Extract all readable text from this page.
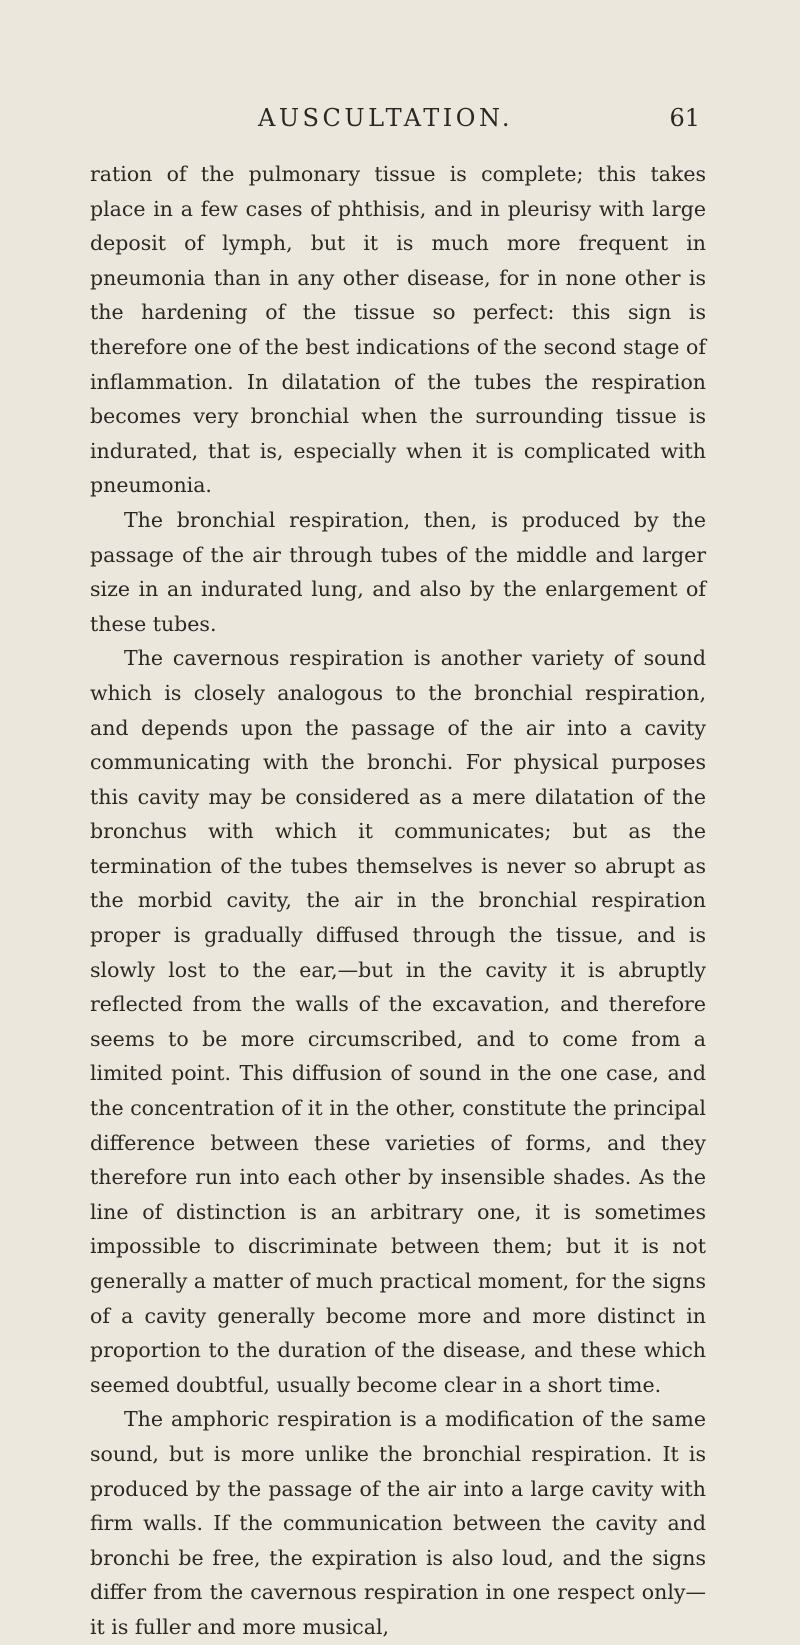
AUSCULTATION.	61

ration of the pulmonary tissue is complete; this takes place in a few cases of phthisis, and in pleurisy with large deposit of lymph, but it is much more frequent in pneumonia than in any other disease, for in none other is the hardening of the tissue so perfect: this sign is therefore one of the best indications of the second stage of inflammation. In dilatation of the tubes the respiration becomes very bronchial when the surrounding tissue is indurated, that is, especially when it is complicated with pneumonia.

The bronchial respiration, then, is produced by the passage of the air through tubes of the middle and larger size in an indurated lung, and also by the enlargement of these tubes.

The cavernous respiration is another variety of sound which is closely analogous to the bronchial respiration, and depends upon the passage of the air into a cavity communicating with the bronchi. For physical purposes this cavity may be considered as a mere dilatation of the bronchus with which it communicates; but as the termination of the tubes themselves is never so abrupt as the morbid cavity, the air in the bronchial respiration proper is gradually diffused through the tissue, and is slowly lost to the ear,—but in the cavity it is abruptly reflected from the walls of the excavation, and therefore seems to be more circumscribed, and to come from a limited point. This diffusion of sound in the one case, and the concentration of it in the other, constitute the principal difference between these varieties of forms, and they therefore run into each other by insensible shades. As the line of distinction is an arbitrary one, it is sometimes impossible to discriminate between them; but it is not generally a matter of much practical moment, for the signs of a cavity generally become more and more distinct in proportion to the duration of the disease, and these which seemed doubtful, usually become clear in a short time.

The amphoric respiration is a modification of the same sound, but is more unlike the bronchial respiration. It is produced by the passage of the air into a large cavity with firm walls. If the communication between the cavity and bronchi be free, the expiration is also loud, and the signs differ from the cavernous respiration in one respect only—it is fuller and more musical,
